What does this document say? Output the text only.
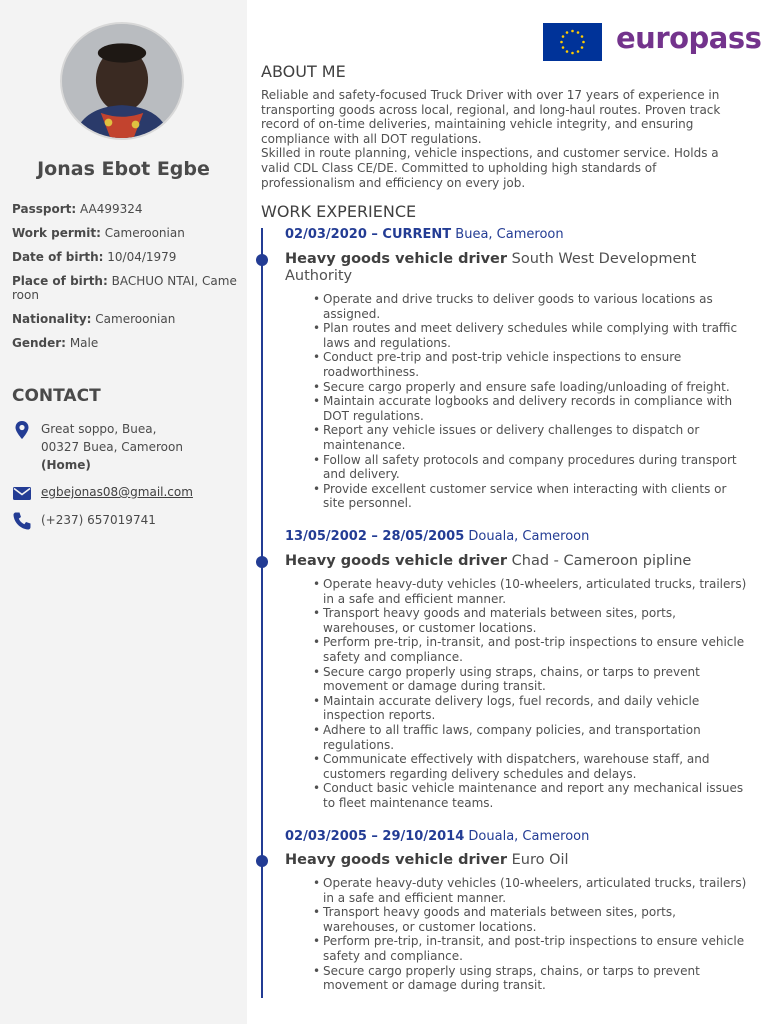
Jonas Ebot Egbe
Passport: AA499324
Work permit: Cameroonian
Date of birth: 10/04/1979
Place of birth: BACHUO NTAI, Came roon
Nationality: Cameroonian
Gender: Male
CONTACT
Great soppo, Buea,
00327 Buea, Cameroon
(Home)
egbejonas08@gmail.com
(+237) 657019741
europass
ABOUT ME
Reliable and safety-focused Truck Driver with over 17 years of experience in transporting goods across local, regional, and long-haul routes. Proven track record of on-time deliveries, maintaining vehicle integrity, and ensuring compliance with all DOT regulations.
Skilled in route planning, vehicle inspections, and customer service. Holds a valid CDL Class CE/DE. Committed to upholding high standards of professionalism and efficiency on every job.
WORK EXPERIENCE
02/03/2020 – CURRENT Buea, Cameroon
Heavy goods vehicle driver South West Development Authority
• Operate and drive trucks to deliver goods to various locations as assigned.
• Plan routes and meet delivery schedules while complying with traffic laws and regulations.
• Conduct pre-trip and post-trip vehicle inspections to ensure roadworthiness.
• Secure cargo properly and ensure safe loading/unloading of freight.
• Maintain accurate logbooks and delivery records in compliance with DOT regulations.
• Report any vehicle issues or delivery challenges to dispatch or maintenance.
• Follow all safety protocols and company procedures during transport and delivery.
• Provide excellent customer service when interacting with clients or site personnel.
13/05/2002 – 28/05/2005 Douala, Cameroon
Heavy goods vehicle driver Chad - Cameroon pipline
• Operate heavy-duty vehicles (10-wheelers, articulated trucks, trailers) in a safe and efficient manner.
• Transport heavy goods and materials between sites, ports, warehouses, or customer locations.
• Perform pre-trip, in-transit, and post-trip inspections to ensure vehicle safety and compliance.
• Secure cargo properly using straps, chains, or tarps to prevent movement or damage during transit.
• Maintain accurate delivery logs, fuel records, and daily vehicle inspection reports.
• Adhere to all traffic laws, company policies, and transportation regulations.
• Communicate effectively with dispatchers, warehouse staff, and customers regarding delivery schedules and delays.
• Conduct basic vehicle maintenance and report any mechanical issues to fleet maintenance teams.
02/03/2005 – 29/10/2014 Douala, Cameroon
Heavy goods vehicle driver Euro Oil
• Operate heavy-duty vehicles (10-wheelers, articulated trucks, trailers) in a safe and efficient manner.
• Transport heavy goods and materials between sites, ports, warehouses, or customer locations.
• Perform pre-trip, in-transit, and post-trip inspections to ensure vehicle safety and compliance.
• Secure cargo properly using straps, chains, or tarps to prevent movement or damage during transit.
